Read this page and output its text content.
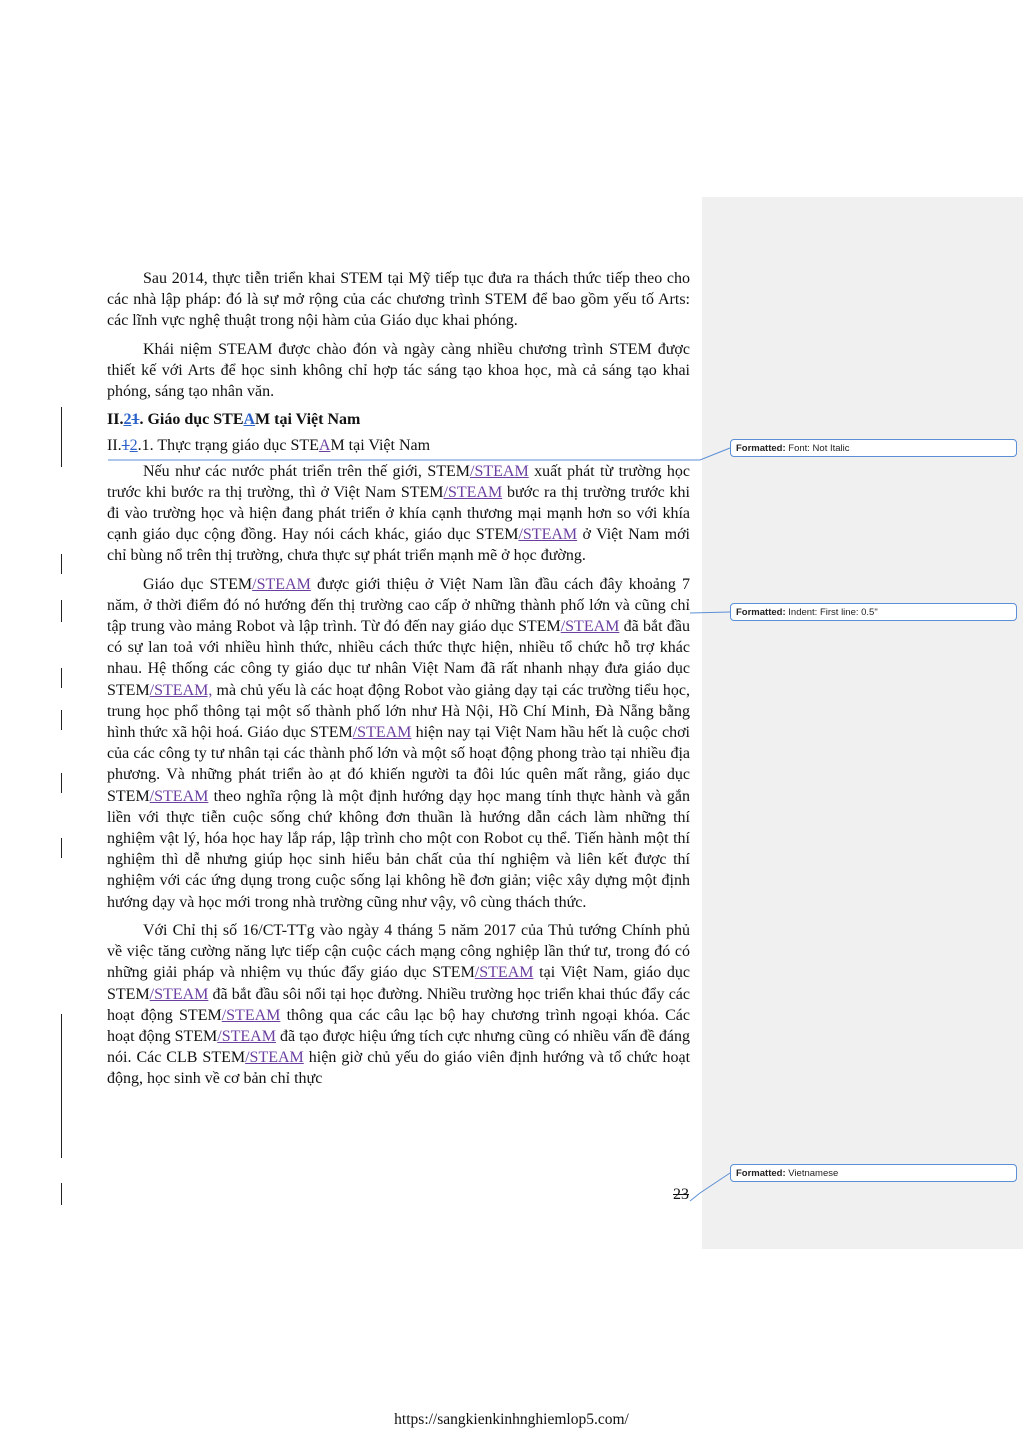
Sau 2014, thực tiễn triển khai STEM tại Mỹ tiếp tục đưa ra thách thức tiếp theo cho các nhà lập pháp: đó là sự mở rộng của các chương trình STEM để bao gồm yếu tố Arts: các lĩnh vực nghệ thuật trong nội hàm của Giáo dục khai phóng.

Khái niệm STEAM được chào đón và ngày càng nhiều chương trình STEM được thiết kế với Arts để học sinh không chỉ hợp tác sáng tạo khoa học, mà cả sáng tạo khai phóng, sáng tạo nhân văn.

II.21. Giáo dục STEAM tại Việt Nam

II.12.1. Thực trạng giáo dục STEAM tại Việt Nam

Nếu như các nước phát triển trên thế giới, STEM/STEAM xuất phát từ trường học trước khi bước ra thị trường, thì ở Việt Nam STEM/STEAM bước ra thị trường trước khi đi vào trường học và hiện đang phát triển ở khía cạnh thương mại mạnh hơn so với khía cạnh giáo dục cộng đồng. Hay nói cách khác, giáo dục STEM/STEAM ở Việt Nam mới chỉ bùng nổ trên thị trường, chưa thực sự phát triển mạnh mẽ ở học đường.

Giáo dục STEM/STEAM được giới thiệu ở Việt Nam lần đầu cách đây khoảng 7 năm, ở thời điểm đó nó hướng đến thị trường cao cấp ở những thành phố lớn và cũng chỉ tập trung vào mảng Robot và lập trình. Từ đó đến nay giáo dục STEM/STEAM đã bắt đầu có sự lan toả với nhiều hình thức, nhiều cách thức thực hiện, nhiều tổ chức hỗ trợ khác nhau. Hệ thống các công ty giáo dục tư nhân Việt Nam đã rất nhanh nhạy đưa giáo dục STEM/STEAM, mà chủ yếu là các hoạt động Robot vào giảng dạy tại các trường tiểu học, trung học phổ thông tại một số thành phố lớn như Hà Nội, Hồ Chí Minh, Đà Nẵng bằng hình thức xã hội hoá. Giáo dục STEM/STEAM hiện nay tại Việt Nam hầu hết là cuộc chơi của các công ty tư nhân tại các thành phố lớn và một số hoạt động phong trào tại nhiều địa phương. Và những phát triển ào ạt đó khiến người ta đôi lúc quên mất rằng, giáo dục STEM/STEAM theo nghĩa rộng là một định hướng dạy học mang tính thực hành và gắn liền với thực tiễn cuộc sống chứ không đơn thuần là hướng dẫn cách làm những thí nghiệm vật lý, hóa học hay lắp ráp, lập trình cho một con Robot cụ thể. Tiến hành một thí nghiệm thì dễ nhưng giúp học sinh hiểu bản chất của thí nghiệm và liên kết được thí nghiệm với các ứng dụng trong cuộc sống lại không hề đơn giản; việc xây dựng một định hướng dạy và học mới trong nhà trường cũng như vậy, vô cùng thách thức.

Với Chỉ thị số 16/CT-TTg vào ngày 4 tháng 5 năm 2017 của Thủ tướng Chính phủ về việc tăng cường năng lực tiếp cận cuộc cách mạng công nghiệp lần thứ tư, trong đó có những giải pháp và nhiệm vụ thúc đẩy giáo dục STEM/STEAM tại Việt Nam, giáo dục STEM/STEAM đã bắt đầu sôi nổi tại học đường. Nhiều trường học triển khai thúc đẩy các hoạt động STEM/STEAM thông qua các câu lạc bộ hay chương trình ngoại khóa. Các hoạt động STEM/STEAM đã tạo được hiệu ứng tích cực nhưng cũng có nhiều vấn đề đáng nói. Các CLB STEM/STEAM hiện giờ chủ yếu do giáo viên định hướng và tổ chức hoạt động, học sinh về cơ bản chỉ thực

23
Formatted: Font: Not Italic
Formatted: Indent: First line: 0.5"
Formatted: Vietnamese
https://sangkienkinhnghiemlop5.com/
